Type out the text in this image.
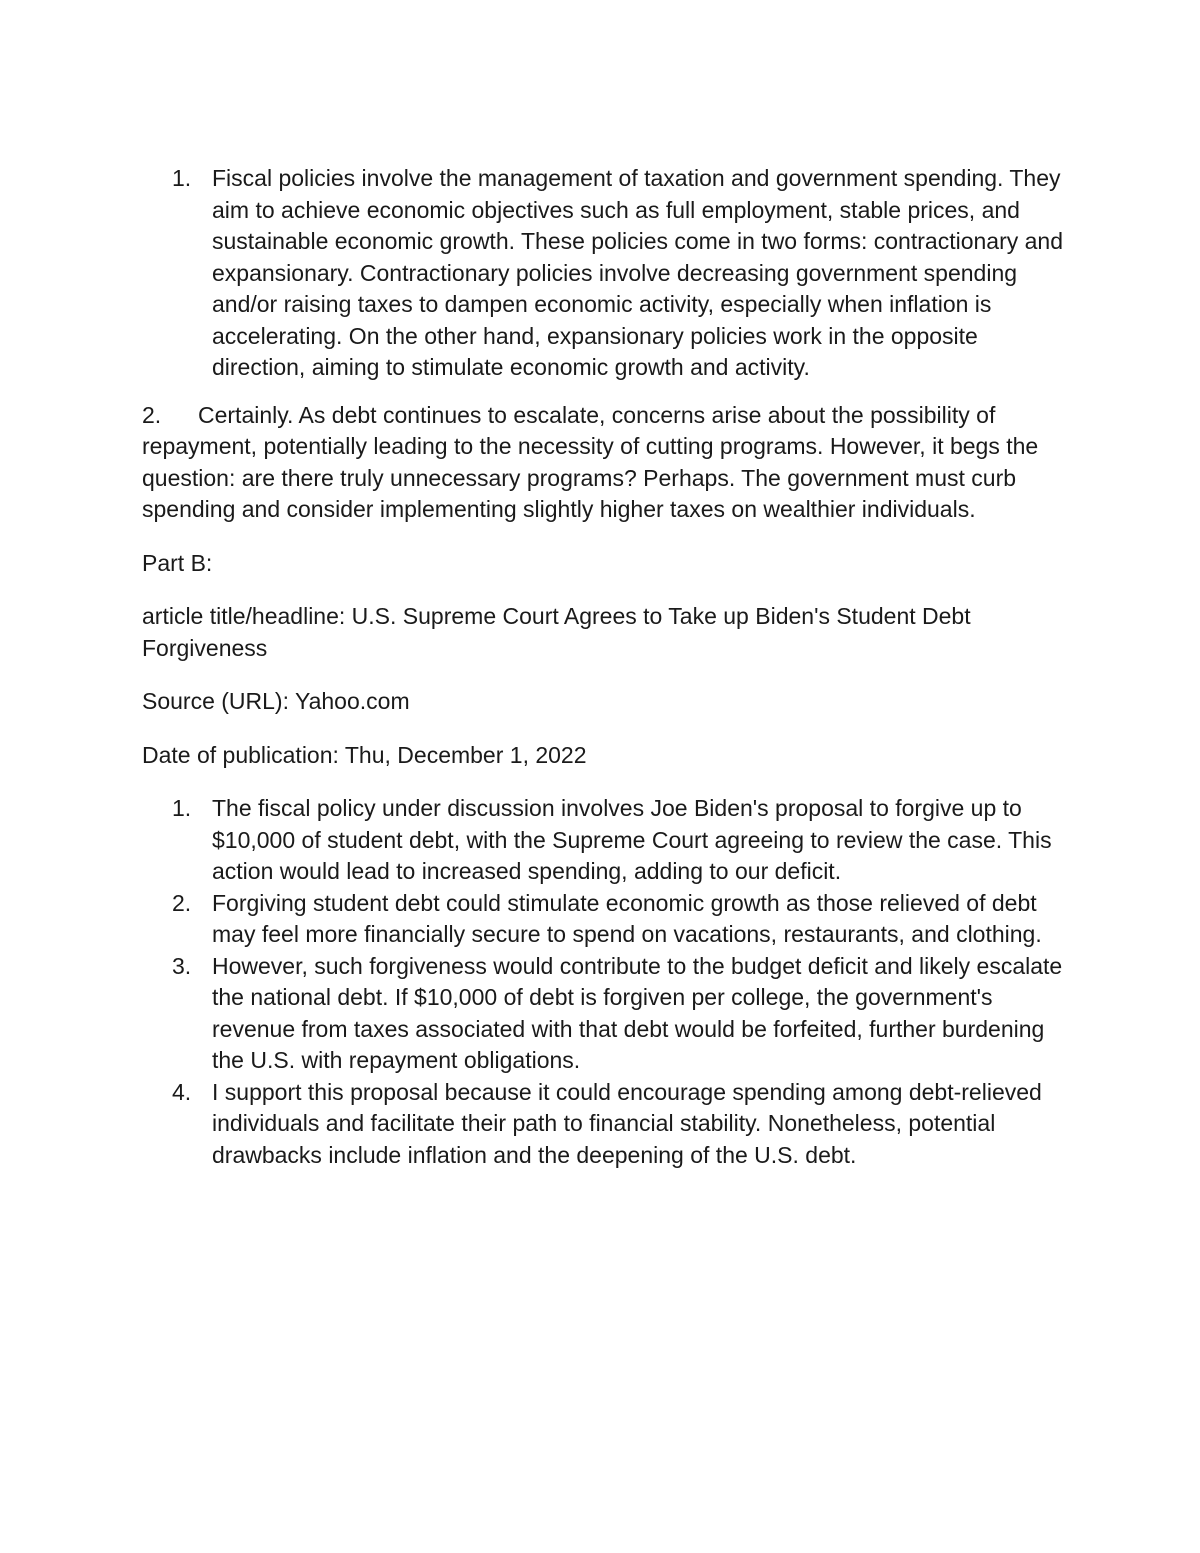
1. Fiscal policies involve the management of taxation and government spending. They aim to achieve economic objectives such as full employment, stable prices, and sustainable economic growth. These policies come in two forms: contractionary and expansionary. Contractionary policies involve decreasing government spending and/or raising taxes to dampen economic activity, especially when inflation is accelerating. On the other hand, expansionary policies work in the opposite direction, aiming to stimulate economic growth and activity.

2. Certainly. As debt continues to escalate, concerns arise about the possibility of repayment, potentially leading to the necessity of cutting programs. However, it begs the question: are there truly unnecessary programs? Perhaps. The government must curb spending and consider implementing slightly higher taxes on wealthier individuals.

Part B:

article title/headline: U.S. Supreme Court Agrees to Take up Biden's Student Debt Forgiveness

Source (URL): Yahoo.com

Date of publication: Thu, December 1, 2022

1. The fiscal policy under discussion involves Joe Biden's proposal to forgive up to $10,000 of student debt, with the Supreme Court agreeing to review the case. This action would lead to increased spending, adding to our deficit.
2. Forgiving student debt could stimulate economic growth as those relieved of debt may feel more financially secure to spend on vacations, restaurants, and clothing.
3. However, such forgiveness would contribute to the budget deficit and likely escalate the national debt. If $10,000 of debt is forgiven per college, the government's revenue from taxes associated with that debt would be forfeited, further burdening the U.S. with repayment obligations.
4. I support this proposal because it could encourage spending among debt-relieved individuals and facilitate their path to financial stability. Nonetheless, potential drawbacks include inflation and the deepening of the U.S. debt.
